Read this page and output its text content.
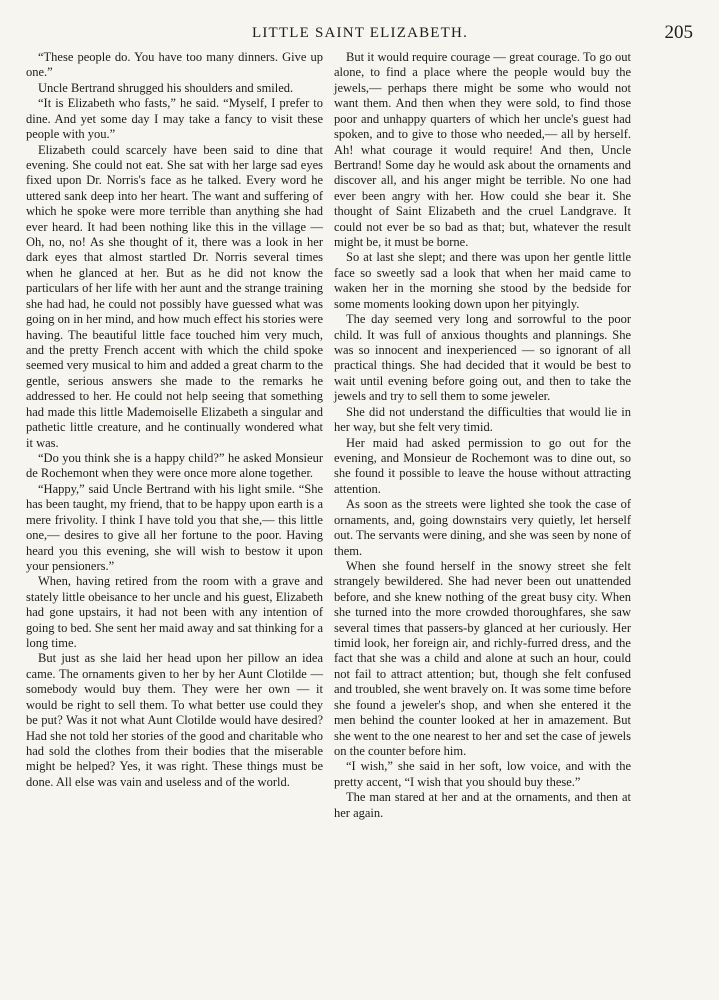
LITTLE SAINT ELIZABETH.	205

“These people do. You have too many dinners. Give up one.”

Uncle Bertrand shrugged his shoulders and smiled.

“It is Elizabeth who fasts,” he said. “Myself, I prefer to dine. And yet some day I may take a fancy to visit these people with you.”

Elizabeth could scarcely have been said to dine that evening. She could not eat. She sat with her large sad eyes fixed upon Dr. Norris's face as he talked. Every word he uttered sank deep into her heart. The want and suffering of which he spoke were more terrible than anything she had ever heard. It had been nothing like this in the village — Oh, no, no! As she thought of it, there was a look in her dark eyes that almost startled Dr. Norris several times when he glanced at her. But as he did not know the particulars of her life with her aunt and the strange training she had had, he could not possibly have guessed what was going on in her mind, and how much effect his stories were having. The beautiful little face touched him very much, and the pretty French accent with which the child spoke seemed very musical to him and added a great charm to the gentle, serious answers she made to the remarks he addressed to her. He could not help seeing that something had made this little Mademoiselle Elizabeth a singular and pathetic little creature, and he continually wondered what it was.

“Do you think she is a happy child?” he asked Monsieur de Rochemont when they were once more alone together.

“Happy,” said Uncle Bertrand with his light smile. “She has been taught, my friend, that to be happy upon earth is a mere frivolity. I think I have told you that she,— this little one,— desires to give all her fortune to the poor. Having heard you this evening, she will wish to bestow it upon your pensioners.”

When, having retired from the room with a grave and stately little obeisance to her uncle and his guest, Elizabeth had gone upstairs, it had not been with any intention of going to bed. She sent her maid away and sat thinking for a long time.

But just as she laid her head upon her pillow an idea came. The ornaments given to her by her Aunt Clotilde — somebody would buy them. They were her own — it would be right to sell them. To what better use could they be put? Was it not what Aunt Clotilde would have desired? Had she not told her stories of the good and charitable who had sold the clothes from their bodies that the miserable might be helped? Yes, it was right. These things must be done. All else was vain and useless and of the world.

But it would require courage — great courage. To go out alone, to find a place where the people would buy the jewels,— perhaps there might be some who would not want them. And then when they were sold, to find those poor and unhappy quarters of which her uncle's guest had spoken, and to give to those who needed,— all by herself. Ah! what courage it would require! And then, Uncle Bertrand! Some day he would ask about the ornaments and discover all, and his anger might be terrible. No one had ever been angry with her. How could she bear it. She thought of Saint Elizabeth and the cruel Landgrave. It could not ever be so bad as that; but, whatever the result might be, it must be borne.

So at last she slept; and there was upon her gentle little face so sweetly sad a look that when her maid came to waken her in the morning she stood by the bedside for some moments looking down upon her pityingly.

The day seemed very long and sorrowful to the poor child. It was full of anxious thoughts and plannings. She was so innocent and inexperienced — so ignorant of all practical things. She had decided that it would be best to wait until evening before going out, and then to take the jewels and try to sell them to some jeweler.

She did not understand the difficulties that would lie in her way, but she felt very timid.

Her maid had asked permission to go out for the evening, and Monsieur de Rochemont was to dine out, so she found it possible to leave the house without attracting attention.

As soon as the streets were lighted she took the case of ornaments, and, going downstairs very quietly, let herself out. The servants were dining, and she was seen by none of them.

When she found herself in the snowy street she felt strangely bewildered. She had never been out unattended before, and she knew nothing of the great busy city. When she turned into the more crowded thoroughfares, she saw several times that passers-by glanced at her curiously. Her timid look, her foreign air, and richly-furred dress, and the fact that she was a child and alone at such an hour, could not fail to attract attention; but, though she felt confused and troubled, she went bravely on. It was some time before she found a jeweler's shop, and when she entered it the men behind the counter looked at her in amazement. But she went to the one nearest to her and set the case of jewels on the counter before him.

“I wish,” she said in her soft, low voice, and with the pretty accent, “I wish that you should buy these.”

The man stared at her and at the ornaments, and then at her again.
